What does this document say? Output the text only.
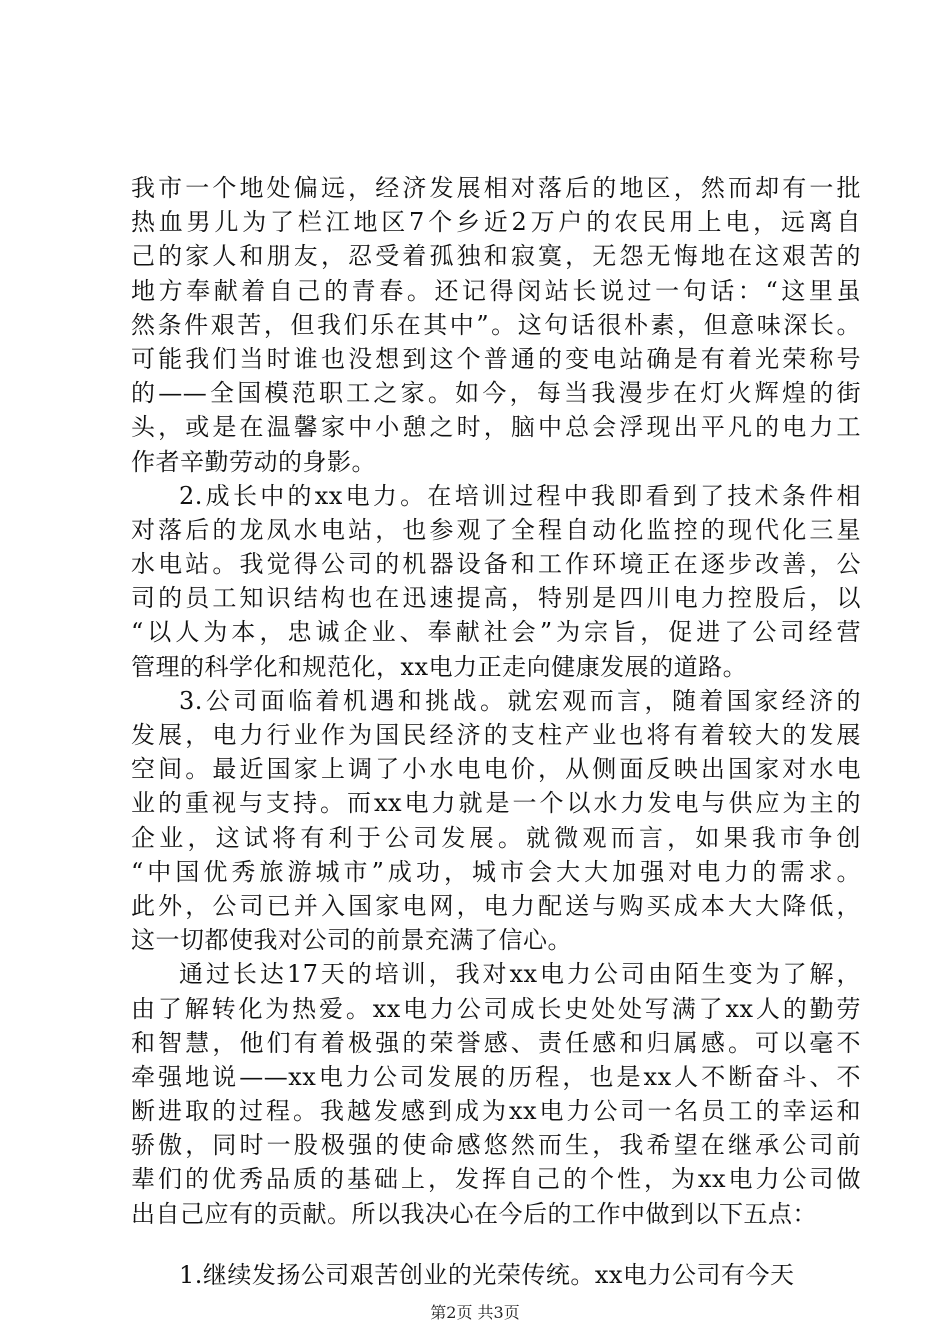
我市一个地处偏远，经济发展相对落后的地区，然而却有一批
热血男儿为了栏江地区7个乡近2万户的农民用上电，远离自
己的家人和朋友，忍受着孤独和寂寞，无怨无悔地在这艰苦的
地方奉献着自己的青春。还记得闵站长说过一句话：“这里虽
然条件艰苦，但我们乐在其中”。这句话很朴素，但意味深长。
可能我们当时谁也没想到这个普通的变电站确是有着光荣称号
的——全国模范职工之家。如今，每当我漫步在灯火辉煌的街
头，或是在温馨家中小憩之时，脑中总会浮现出平凡的电力工
作者辛勤劳动的身影。
2.成长中的xx电力。在培训过程中我即看到了技术条件相
对落后的龙凤水电站，也参观了全程自动化监控的现代化三星
水电站。我觉得公司的机器设备和工作环境正在逐步改善，公
司的员工知识结构也在迅速提高，特别是四川电力控股后，以
“以人为本，忠诚企业、奉献社会”为宗旨，促进了公司经营
管理的科学化和规范化，xx电力正走向健康发展的道路。
3.公司面临着机遇和挑战。就宏观而言，随着国家经济的
发展，电力行业作为国民经济的支柱产业也将有着较大的发展
空间。最近国家上调了小水电电价，从侧面反映出国家对水电
业的重视与支持。而xx电力就是一个以水力发电与供应为主的
企业，这试将有利于公司发展。就微观而言，如果我市争创
“中国优秀旅游城市”成功，城市会大大加强对电力的需求。
此外，公司已并入国家电网，电力配送与购买成本大大降低，
这一切都使我对公司的前景充满了信心。
通过长达17天的培训，我对xx电力公司由陌生变为了解，
由了解转化为热爱。xx电力公司成长史处处写满了xx人的勤劳
和智慧，他们有着极强的荣誉感、责任感和归属感。可以毫不
牵强地说——xx电力公司发展的历程，也是xx人不断奋斗、不
断进取的过程。我越发感到成为xx电力公司一名员工的幸运和
骄傲，同时一股极强的使命感悠然而生，我希望在继承公司前
辈们的优秀品质的基础上，发挥自己的个性，为xx电力公司做
出自己应有的贡献。所以我决心在今后的工作中做到以下五点：
1.继续发扬公司艰苦创业的光荣传统。xx电力公司有今天
第2页 共3页
